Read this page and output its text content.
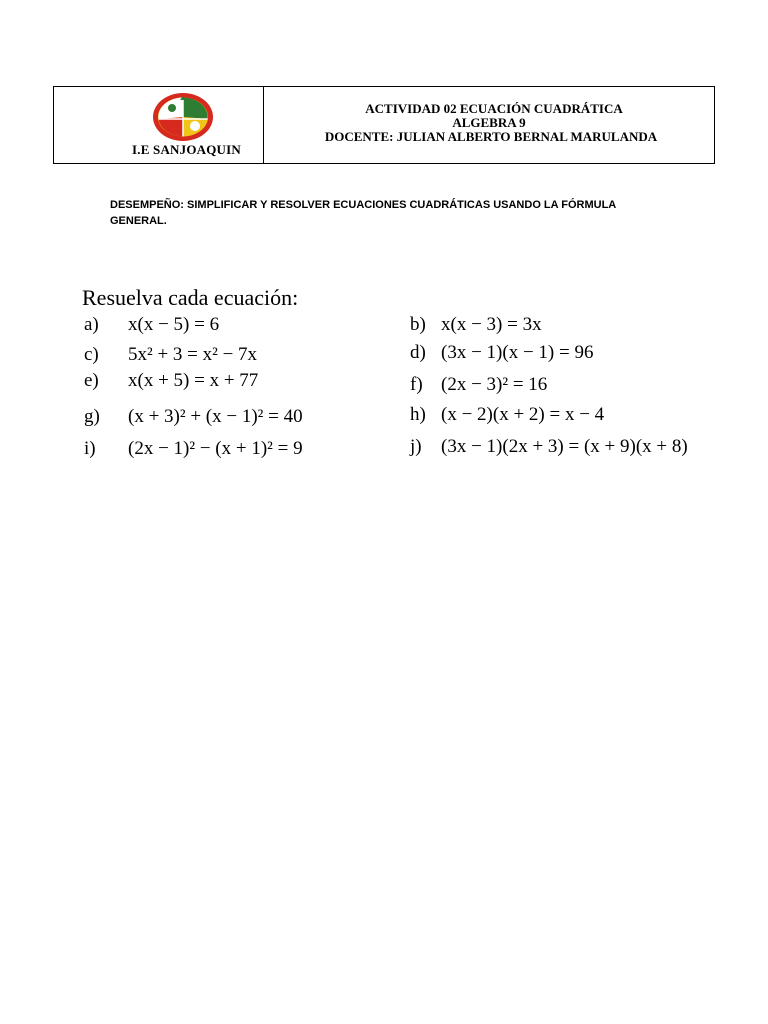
I.E SANJOAQUIN
ACTIVIDAD 02 ECUACIÓN CUADRÁTICA
ALGEBRA 9
DOCENTE: JULIAN ALBERTO BERNAL MARULANDA
DESEMPEÑO: SIMPLIFICAR Y RESOLVER ECUACIONES CUADRÁTICAS USANDO LA FÓRMULA GENERAL.
Resuelva cada ecuación:
a) x(x − 5) = 6	b) x(x − 3) = 3x
c) 5x² + 3 = x² − 7x	d) (3x − 1)(x − 1) = 96
e) x(x + 5) = x + 77	f) (2x − 3)² = 16
g) (x + 3)² + (x − 1)² = 40	h) (x − 2)(x + 2) = x − 4
i) (2x − 1)² − (x + 1)² = 9	j) (3x − 1)(2x + 3) = (x + 9)(x + 8)
